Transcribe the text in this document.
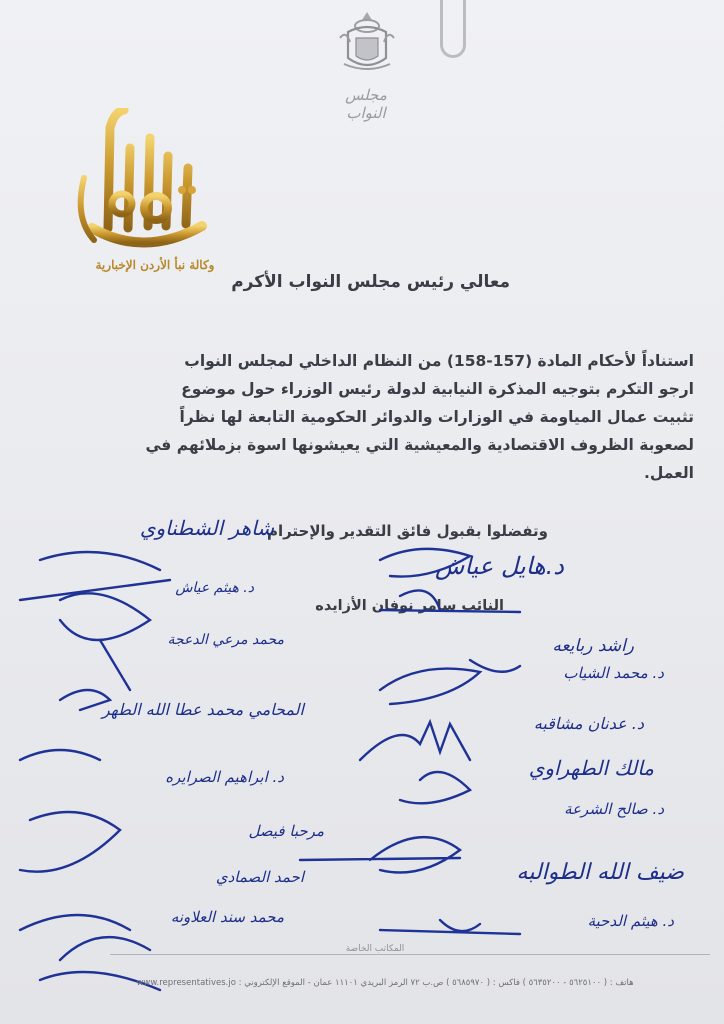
مجلس النواب
وكالة نبأ الأردن الإخبارية
معالي رئيس مجلس النواب الأكرم
استناداً لأحكام المادة (157-158) من النظام الداخلي لمجلس النواب
ارجو التكرم بتوجيه المذكرة النيابية لدولة رئيس الوزراء حول موضوع
تثبيت عمال المياومة في الوزارات والدوائر الحكومية التابعة لها نظراً
لصعوبة الظروف الاقتصادية والمعيشية التي يعيشونها اسوة بزملائهم في
العمل.
وتفضلوا بقبول فائق التقدير والإحترام
د.هايل عياش
النائب سامر نوفان الأزايده
شاهر الشطناوي
راشد ربايعه
د. محمد الشياب
د. عدنان مشاقبه
مالك الطهراوي
د. صالح الشرعة
ضيف الله الطوالبه
د. هيثم الدحية
د. هيثم عياش
محمد مرعي الدعجة
المحامي محمد عطا الله الطهر
د. ابراهيم الصرايره
مرحبا فيصل
احمد الصمادي
محمد سند العلاونه
المكاتب الخاصة
هاتف : ( ٥٦٢٥١٠٠ - ٥٦٣٥٢٠٠ ) فاكس : ( ٥٦٨٥٩٧٠ ) ص.ب ٧٢ الرمز البريدي ١١١٠١ عمان - الموقع الإلكتروني : www.representatives.jo
